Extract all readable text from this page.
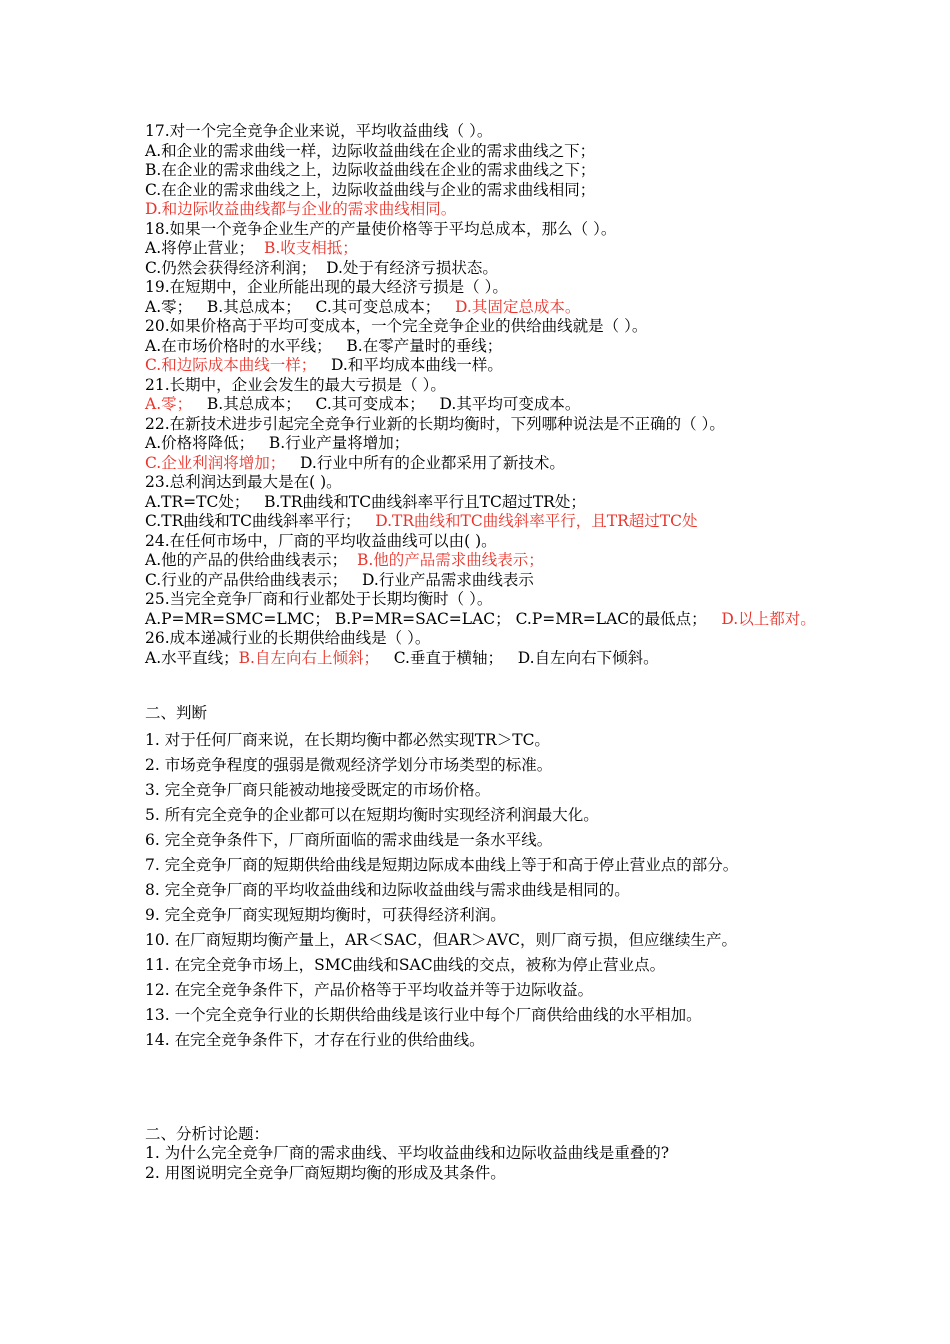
17.对一个完全竞争企业来说，平均收益曲线（ ）。
A.和企业的需求曲线一样，边际收益曲线在企业的需求曲线之下；
B.在企业的需求曲线之上，边际收益曲线在企业的需求曲线之下；
C.在企业的需求曲线之上，边际收益曲线与企业的需求曲线相同；
D.和边际收益曲线都与企业的需求曲线相同。
18.如果一个竞争企业生产的产量使价格等于平均总成本，那么（ ）。
A.将停止营业； B.收支相抵；
C.仍然会获得经济利润； D.处于有经济亏损状态。
19.在短期中，企业所能出现的最大经济亏损是（ ）。
A.零； B.其总成本； C.其可变总成本； D.其固定总成本。
20.如果价格高于平均可变成本，一个完全竞争企业的供给曲线就是（ ）。
A.在市场价格时的水平线； B.在零产量时的垂线；
C.和边际成本曲线一样； D.和平均成本曲线一样。
21.长期中，企业会发生的最大亏损是（ ）。
A.零； B.其总成本； C.其可变成本； D.其平均可变成本。
22.在新技术进步引起完全竞争行业新的长期均衡时，下列哪种说法是不正确的（ ）。
A.价格将降低； B.行业产量将增加；
C.企业利润将增加； D.行业中所有的企业都采用了新技术。
23.总利润达到最大是在( )。
A.TR=TC处； B.TR曲线和TC曲线斜率平行且TC超过TR处；
C.TR曲线和TC曲线斜率平行； D.TR曲线和TC曲线斜率平行，且TR超过TC处
24.在任何市场中，厂商的平均收益曲线可以由( )。
A.他的产品的供给曲线表示； B.他的产品需求曲线表示；
C.行业的产品供给曲线表示； D.行业产品需求曲线表示
25.当完全竞争厂商和行业都处于长期均衡时（ ）。
A.P=MR=SMC=LMC； B.P=MR=SAC=LAC； C.P=MR=LAC的最低点； D.以上都对。
26.成本递减行业的长期供给曲线是（ ）。
A.水平直线；B.自左向右上倾斜； C.垂直于横轴； D.自左向右下倾斜。
二、判断
1. 对于任何厂商来说，在长期均衡中都必然实现TR＞TC。
2. 市场竞争程度的强弱是微观经济学划分市场类型的标准。
3. 完全竞争厂商只能被动地接受既定的市场价格。
5. 所有完全竞争的企业都可以在短期均衡时实现经济利润最大化。
6. 完全竞争条件下，厂商所面临的需求曲线是一条水平线。
7. 完全竞争厂商的短期供给曲线是短期边际成本曲线上等于和高于停止营业点的部分。
8. 完全竞争厂商的平均收益曲线和边际收益曲线与需求曲线是相同的。
9. 完全竞争厂商实现短期均衡时，可获得经济利润。
10. 在厂商短期均衡产量上，AR＜SAC，但AR＞AVC，则厂商亏损，但应继续生产。
11. 在完全竞争市场上，SMC曲线和SAC曲线的交点，被称为停止营业点。
12. 在完全竞争条件下，产品价格等于平均收益并等于边际收益。
13. 一个完全竞争行业的长期供给曲线是该行业中每个厂商供给曲线的水平相加。
14. 在完全竞争条件下，才存在行业的供给曲线。
二、分析讨论题：
1. 为什么完全竞争厂商的需求曲线、平均收益曲线和边际收益曲线是重叠的?
2. 用图说明完全竞争厂商短期均衡的形成及其条件。
